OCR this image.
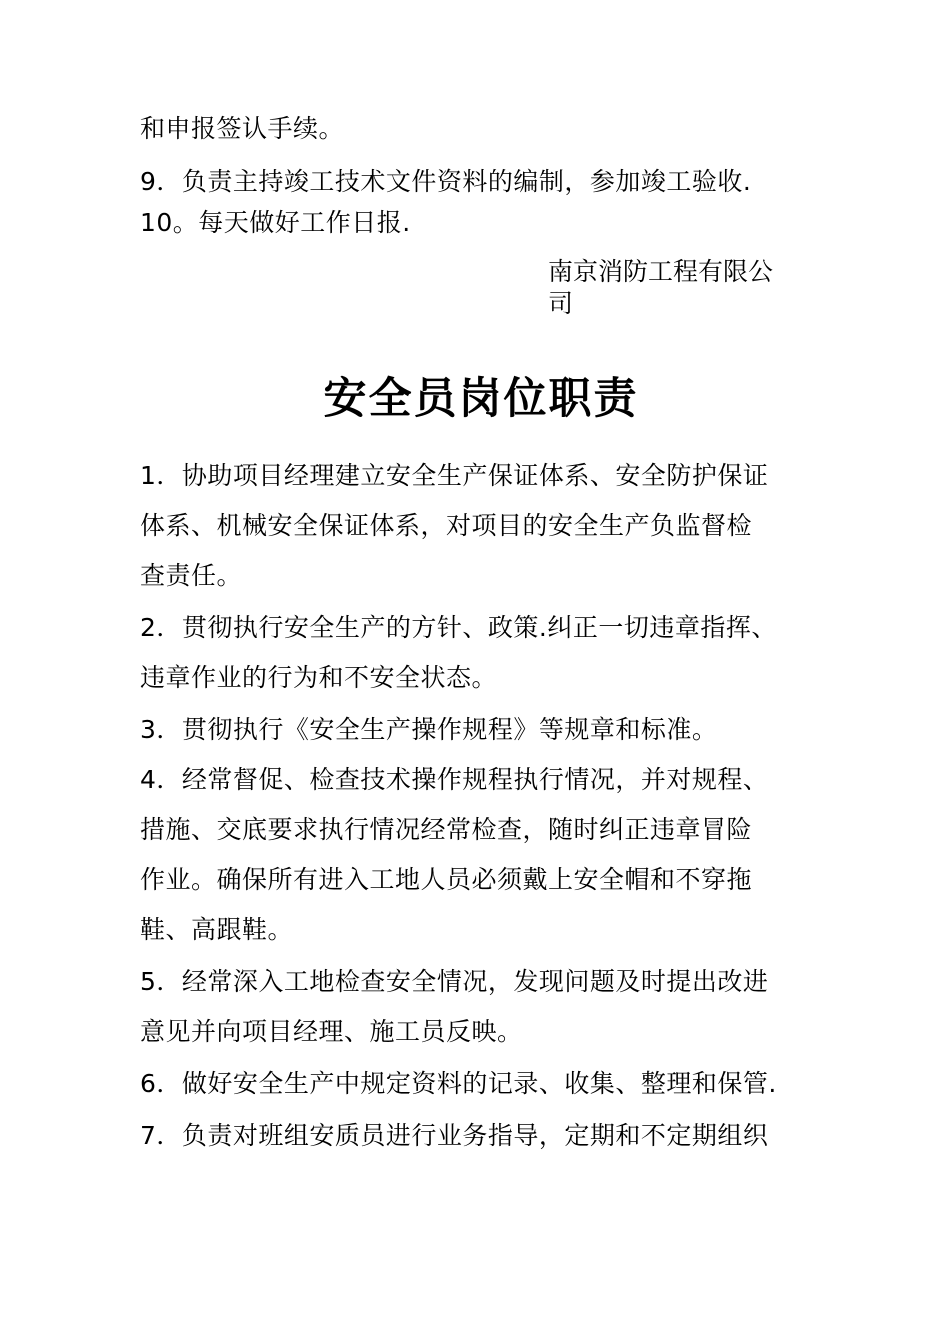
和申报签认手续。
9．负责主持竣工技术文件资料的编制，参加竣工验收.
10。每天做好工作日报.
南京消防工程有限公
司
安全员岗位职责
1．协助项目经理建立安全生产保证体系、安全防护保证
体系、机械安全保证体系，对项目的安全生产负监督检
查责任。
2．贯彻执行安全生产的方针、政策.纠正一切违章指挥、
违章作业的行为和不安全状态。
3．贯彻执行《安全生产操作规程》等规章和标准。
4．经常督促、检查技术操作规程执行情况，并对规程、
措施、交底要求执行情况经常检查，随时纠正违章冒险
作业。确保所有进入工地人员必须戴上安全帽和不穿拖
鞋、高跟鞋。
5．经常深入工地检查安全情况，发现问题及时提出改进
意见并向项目经理、施工员反映。
6．做好安全生产中规定资料的记录、收集、整理和保管.
7．负责对班组安质员进行业务指导，定期和不定期组织
